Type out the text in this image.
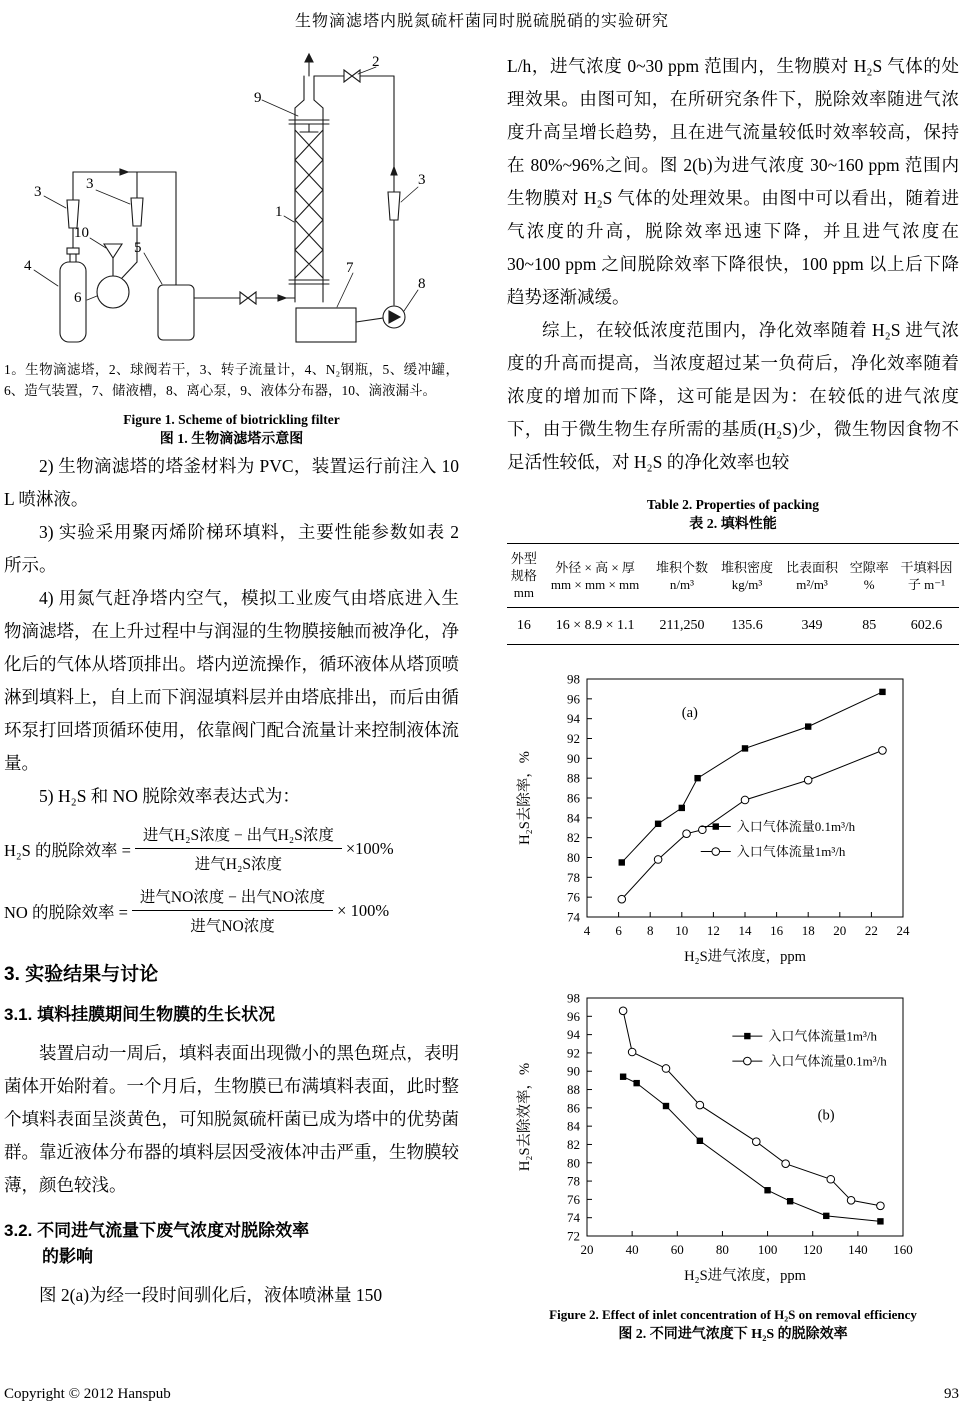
生物滴滤塔内脱氮硫杆菌同时脱硫脱硝的实验研究
9
2
3	3	3
1
10
4
5
6
7
8
1。生物滴滤塔，2、球阀若干，3、转子流量计，4、N₂钢瓶，5、缓冲罐，6、造气装置，7、储液槽，8、离心泵，9、液体分布器，10、滴液漏斗。
Figure 1. Scheme of biotrickling filter
图 1. 生物滴滤塔示意图

2) 生物滴滤塔的塔釜材料为 PVC，装置运行前注入 10 L 喷淋液。

3) 实验采用聚丙烯阶梯环填料，主要性能参数如表 2 所示。

4) 用氮气赶净塔内空气，模拟工业废气由塔底进入生物滴滤塔，在上升过程中与润湿的生物膜接触而被净化，净化后的气体从塔顶排出。塔内逆流操作，循环液体从塔顶喷淋到填料上，自上而下润湿填料层并由塔底排出，而后由循环泵打回塔顶循环使用，依靠阀门配合流量计来控制液体流量。

5) H₂S 和 NO 脱除效率表达式为：

H₂S 的脱除效率 = $\frac{\text{进气H₂S浓度 − 出气H₂S浓度}}{\text{进气H₂S浓度}} \times 100\%$
NO 的脱除效率 = $\frac{\text{进气NO浓度 − 出气NO浓度}}{\text{进气NO浓度}} \times 100\%$
3. 实验结果与讨论
3.1. 填料挂膜期间生物膜的生长状况

装置启动一周后，填料表面出现微小的黑色斑点，表明菌体开始附着。一个月后，生物膜已布满填料表面，此时整个填料表面呈淡黄色，可知脱氮硫杆菌已成为塔中的优势菌群。靠近液体分布器的填料层因受液体冲击严重，生物膜较薄，颜色较浅。

3.2. 不同进气流量下废气浓度对脱除效率
的影响

图 2(a)为经一段时间驯化后，液体喷淋量 150

L/h，进气浓度 0~30 ppm 范围内，生物膜对 H₂S 气体的处理效果。由图可知，在所研究条件下，脱除效率随进气浓度升高呈增长趋势，且在进气流量较低时效率较高，保持在 80%~96%之间。图 2(b)为进气浓度 30~160 ppm 范围内生物膜对 H₂S 气体的处理效果。由图中可以看出，随着进气浓度的升高，脱除效率迅速下降，并且进气浓度在 30~100 ppm 之间脱除效率下降很快，100 ppm 以上后下降趋势逐渐减缓。

综上，在较低浓度范围内，净化效率随着 H₂S 进气浓度的升高而提高，当浓度超过某一负荷后，净化效率随着浓度的增加而下降，这可能是因为：在较低的进气浓度下，由于微生物生存所需的基质(H₂S)少，微生物因食物不足活性较低，对 H₂S 的净化效率也较

Table 2. Properties of packing
表 2. 填料性能
外型
规格
mm

外径 × 高 × 厚
mm × mm × mm

堆积个数
n/m³

堆积密度
kg/m³

比表面积
m²/m³

空隙率
%

干填料因
子 m⁻¹

16	16 × 8.9 × 1.1	211,250	135.6	349	85	602.6
74
76
78
80
82
84
86
88
90
92
94
96
98
4 6 8 10 12 14 16 18 20 22 24
H₂S进气浓度，ppm
H₂S去除率，%	入口气体流量0.1m³/h
入口气体流量1m³/h
(a)
72
74
76
78
80
82
84
86
88
90
92
94
96
98
20 40 60 80 100 120 140 160
H₂S进气浓度，ppm
H₂S去除效率，%
入口气体流量1m³/h
入口气体流量0.1m³/h
(b)
Figure 2. Effect of inlet concentration of H₂S on removal efficiency
图 2. 不同进气浓度下 H₂S 的脱除效率
Copyright © 2012 Hanspub	93
